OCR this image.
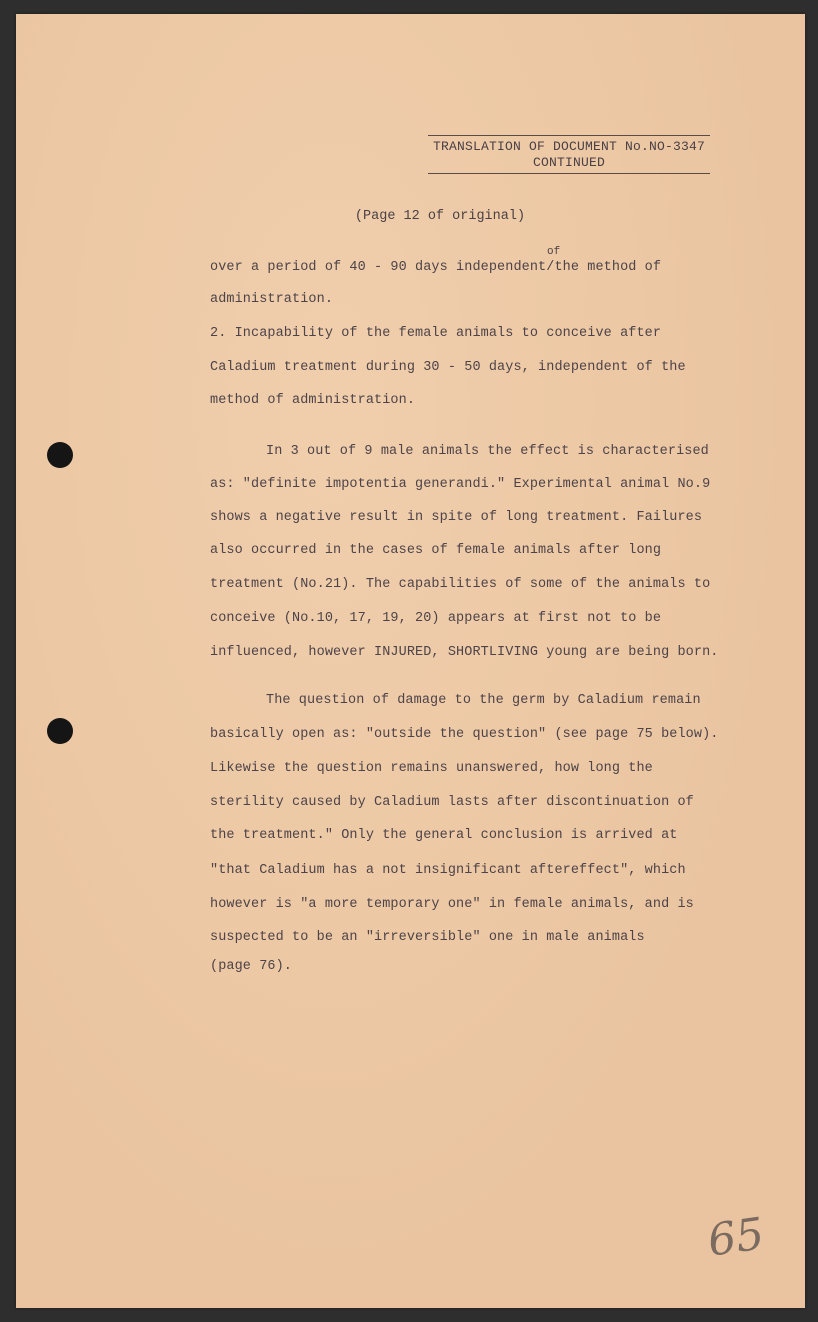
TRANSLATION OF DOCUMENT No.NO-3347
CONTINUED
(Page 12 of original)
of
over a period of 40 - 90 days independent/the method of
administration.
2. Incapability of the female animals to conceive after
Caladium treatment during 30 - 50 days, independent of the
method of administration.
In 3 out of 9 male animals the effect is characterised
as: "definite impotentia generandi." Experimental animal No.9
shows a negative result in spite of long treatment. Failures
also occurred in the cases of female animals after long
treatment (No.21). The capabilities of some of the animals to
conceive (No.10, 17, 19, 20) appears at first not to be
influenced, however INJURED, SHORTLIVING young are being born.
The question of damage to the germ by Caladium remain
basically open as: "outside the question" (see page 75 below).
Likewise the question remains unanswered, how long the
sterility caused by Caladium lasts after discontinuation of
the treatment." Only the general conclusion is arrived at
"that Caladium has a not insignificant aftereffect", which
however is "a more temporary one" in female animals, and is
suspected to be an "irreversible" one in male animals
(page 76).
65
